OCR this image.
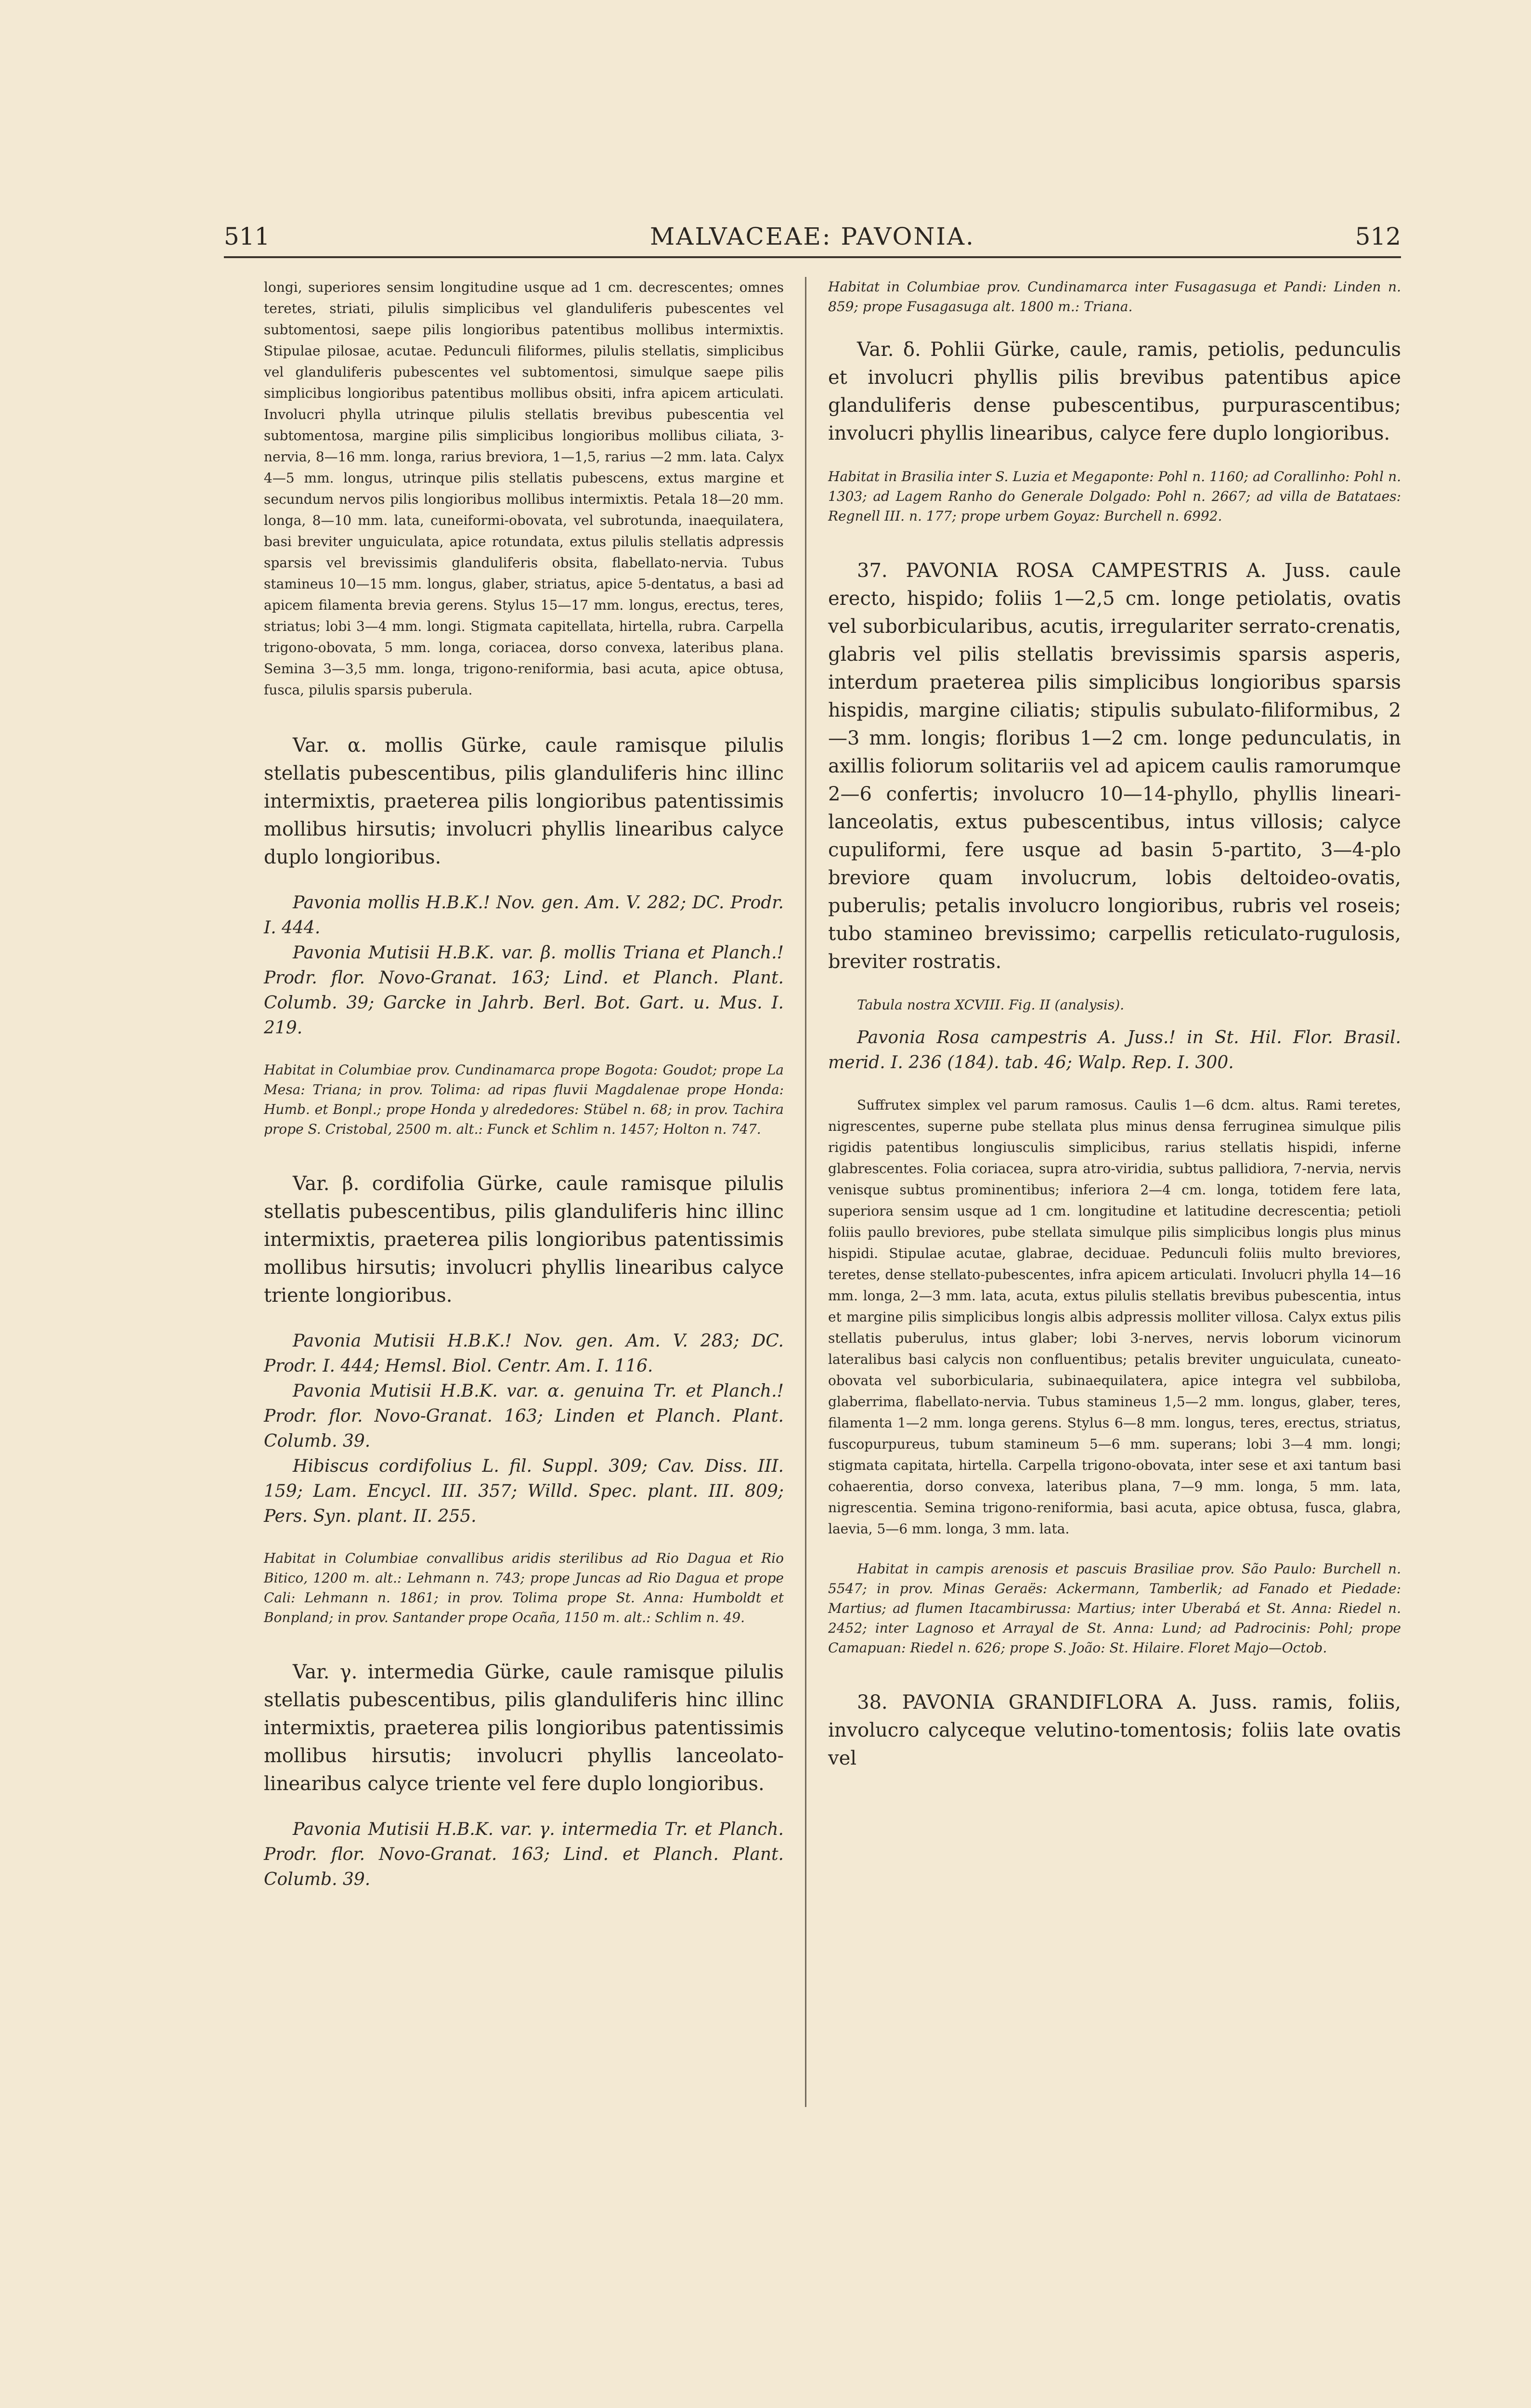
511	MALVACEAE: PAVONIA.	512

longi, superiores sensim longitudine usque ad 1 cm. decrescentes; omnes teretes, striati, pilulis simplicibus vel glanduliferis pubescentes vel subtomentosi, saepe pilis longioribus patentibus mollibus intermixtis. Stipulae pilosae, acutae. Pedunculi filiformes, pilulis stellatis, simplicibus vel glanduliferis pubescentes vel subtomentosi, simulque saepe pilis simplicibus longioribus patentibus mollibus obsiti, infra apicem articulati. Involucri phylla utrinque pilulis stellatis brevibus pubescentia vel subtomentosa, margine pilis simplicibus longioribus mollibus ciliata, 3-nervia, 8—16 mm. longa, rarius breviora, 1—1,5, rarius —2 mm. lata. Calyx 4—5 mm. longus, utrinque pilis stellatis pubescens, extus margine et secundum nervos pilis longioribus mollibus intermixtis. Petala 18—20 mm. longa, 8—10 mm. lata, cuneiformi-obovata, vel subrotunda, inaequilatera, basi breviter unguiculata, apice rotundata, extus pilulis stellatis adpressis sparsis vel brevissimis glanduliferis obsita, flabellato-nervia. Tubus stamineus 10—15 mm. longus, glaber, striatus, apice 5-dentatus, a basi ad apicem filamenta brevia gerens. Stylus 15—17 mm. longus, erectus, teres, striatus; lobi 3—4 mm. longi. Stigmata capitellata, hirtella, rubra. Carpella trigono-obovata, 5 mm. longa, coriacea, dorso convexa, lateribus plana. Semina 3—3,5 mm. longa, trigono-reniformia, basi acuta, apice obtusa, fusca, pilulis sparsis puberula.

Var. α. mollis Gürke, caule ramisque pilulis stellatis pubescentibus, pilis glanduliferis hinc illinc intermixtis, praeterea pilis longioribus patentissimis mollibus hirsutis; involucri phyllis linearibus calyce duplo longioribus.

Pavonia mollis H.B.K.! Nov. gen. Am. V. 282; DC. Prodr. I. 444.

Pavonia Mutisii H.B.K. var. β. mollis Triana et Planch.! Prodr. flor. Novo-Granat. 163; Lind. et Planch. Plant. Columb. 39; Garcke in Jahrb. Berl. Bot. Gart. u. Mus. I. 219.

Habitat in Columbiae prov. Cundinamarca prope Bogota: Goudot; prope La Mesa: Triana; in prov. Tolima: ad ripas fluvii Magdalenae prope Honda: Humb. et Bonpl.; prope Honda y alrededores: Stübel n. 68; in prov. Tachira prope S. Cristobal, 2500 m. alt.: Funck et Schlim n. 1457; Holton n. 747.

Var. β. cordifolia Gürke, caule ramisque pilulis stellatis pubescentibus, pilis glanduliferis hinc illinc intermixtis, praeterea pilis longioribus patentissimis mollibus hirsutis; involucri phyllis linearibus calyce triente longioribus.

Pavonia Mutisii H.B.K.! Nov. gen. Am. V. 283; DC. Prodr. I. 444; Hemsl. Biol. Centr. Am. I. 116.

Pavonia Mutisii H.B.K. var. α. genuina Tr. et Planch.! Prodr. flor. Novo-Granat. 163; Linden et Planch. Plant. Columb. 39.

Hibiscus cordifolius L. fil. Suppl. 309; Cav. Diss. III. 159; Lam. Encycl. III. 357; Willd. Spec. plant. III. 809; Pers. Syn. plant. II. 255.

Habitat in Columbiae convallibus aridis sterilibus ad Rio Dagua et Rio Bitico, 1200 m. alt.: Lehmann n. 743; prope Juncas ad Rio Dagua et prope Cali: Lehmann n. 1861; in prov. Tolima prope St. Anna: Humboldt et Bonpland; in prov. Santander prope Ocaña, 1150 m. alt.: Schlim n. 49.

Var. γ. intermedia Gürke, caule ramisque pilulis stellatis pubescentibus, pilis glanduliferis hinc illinc intermixtis, praeterea pilis longioribus patentissimis mollibus hirsutis; involucri phyllis lanceolato-linearibus calyce triente vel fere duplo longioribus.

Pavonia Mutisii H.B.K. var. γ. intermedia Tr. et Planch. Prodr. flor. Novo-Granat. 163; Lind. et Planch. Plant. Columb. 39.

Habitat in Columbiae prov. Cundinamarca inter Fusagasuga et Pandi: Linden n. 859; prope Fusagasuga alt. 1800 m.: Triana.

Var. δ. Pohlii Gürke, caule, ramis, petiolis, pedunculis et involucri phyllis pilis brevibus patentibus apice glanduliferis dense pubescentibus, purpurascentibus; involucri phyllis linearibus, calyce fere duplo longioribus.

Habitat in Brasilia inter S. Luzia et Megaponte: Pohl n. 1160; ad Corallinho: Pohl n. 1303; ad Lagem Ranho do Generale Dolgado: Pohl n. 2667; ad villa de Batataes: Regnell III. n. 177; prope urbem Goyaz: Burchell n. 6992.

37. PAVONIA ROSA CAMPESTRIS A. Juss. caule erecto, hispido; foliis 1—2,5 cm. longe petiolatis, ovatis vel suborbicularibus, acutis, irregulariter serrato-crenatis, glabris vel pilis stellatis brevissimis sparsis asperis, interdum praeterea pilis simplicibus longioribus sparsis hispidis, margine ciliatis; stipulis subulato-filiformibus, 2—3 mm. longis; floribus 1—2 cm. longe pedunculatis, in axillis foliorum solitariis vel ad apicem caulis ramorumque 2—6 confertis; involucro 10—14-phyllo, phyllis lineari-lanceolatis, extus pubescentibus, intus villosis; calyce cupuliformi, fere usque ad basin 5-partito, 3—4-plo breviore quam involucrum, lobis deltoideo-ovatis, puberulis; petalis involucro longioribus, rubris vel roseis; tubo stamineo brevissimo; carpellis reticulato-rugulosis, breviter rostratis.

Tabula nostra XCVIII. Fig. II (analysis).

Pavonia Rosa campestris A. Juss.! in St. Hil. Flor. Brasil. merid. I. 236 (184). tab. 46; Walp. Rep. I. 300.

Suffrutex simplex vel parum ramosus. Caulis 1—6 dcm. altus. Rami teretes, nigrescentes, superne pube stellata plus minus densa ferruginea simulque pilis rigidis patentibus longiusculis simplicibus, rarius stellatis hispidi, inferne glabrescentes. Folia coriacea, supra atro-viridia, subtus pallidiora, 7-nervia, nervis venisque subtus prominentibus; inferiora 2—4 cm. longa, totidem fere lata, superiora sensim usque ad 1 cm. longitudine et latitudine decrescentia; petioli foliis paullo breviores, pube stellata simulque pilis simplicibus longis plus minus hispidi. Stipulae acutae, glabrae, deciduae. Pedunculi foliis multo breviores, teretes, dense stellato-pubescentes, infra apicem articulati. Involucri phylla 14—16 mm. longa, 2—3 mm. lata, acuta, extus pilulis stellatis brevibus pubescentia, intus et margine pilis simplicibus longis albis adpressis molliter villosa. Calyx extus pilis stellatis puberulus, intus glaber; lobi 3-nerves, nervis loborum vicinorum lateralibus basi calycis non confluentibus; petalis breviter unguiculata, cuneato-obovata vel suborbicularia, subinaequilatera, apice integra vel subbiloba, glaberrima, flabellato-nervia. Tubus stamineus 1,5—2 mm. longus, glaber, teres, filamenta 1—2 mm. longa gerens. Stylus 6—8 mm. longus, teres, erectus, striatus, fuscopurpureus, tubum stamineum 5—6 mm. superans; lobi 3—4 mm. longi; stigmata capitata, hirtella. Carpella trigono-obovata, inter sese et axi tantum basi cohaerentia, dorso convexa, lateribus plana, 7—9 mm. longa, 5 mm. lata, nigrescentia. Semina trigono-reniformia, basi acuta, apice obtusa, fusca, glabra, laevia, 5—6 mm. longa, 3 mm. lata.

Habitat in campis arenosis et pascuis Brasiliae prov. São Paulo: Burchell n. 5547; in prov. Minas Geraës: Ackermann, Tamberlik; ad Fanado et Piedade: Martius; ad flumen Itacambirussa: Martius; inter Uberabá et St. Anna: Riedel n. 2452; inter Lagnoso et Arrayal de St. Anna: Lund; ad Padrocinis: Pohl; prope Camapuan: Riedel n. 626; prope S. João: St. Hilaire. Floret Majo—Octob.

38. PAVONIA GRANDIFLORA A. Juss. ramis, foliis, involucro calyceque velutino-tomentosis; foliis late ovatis vel
